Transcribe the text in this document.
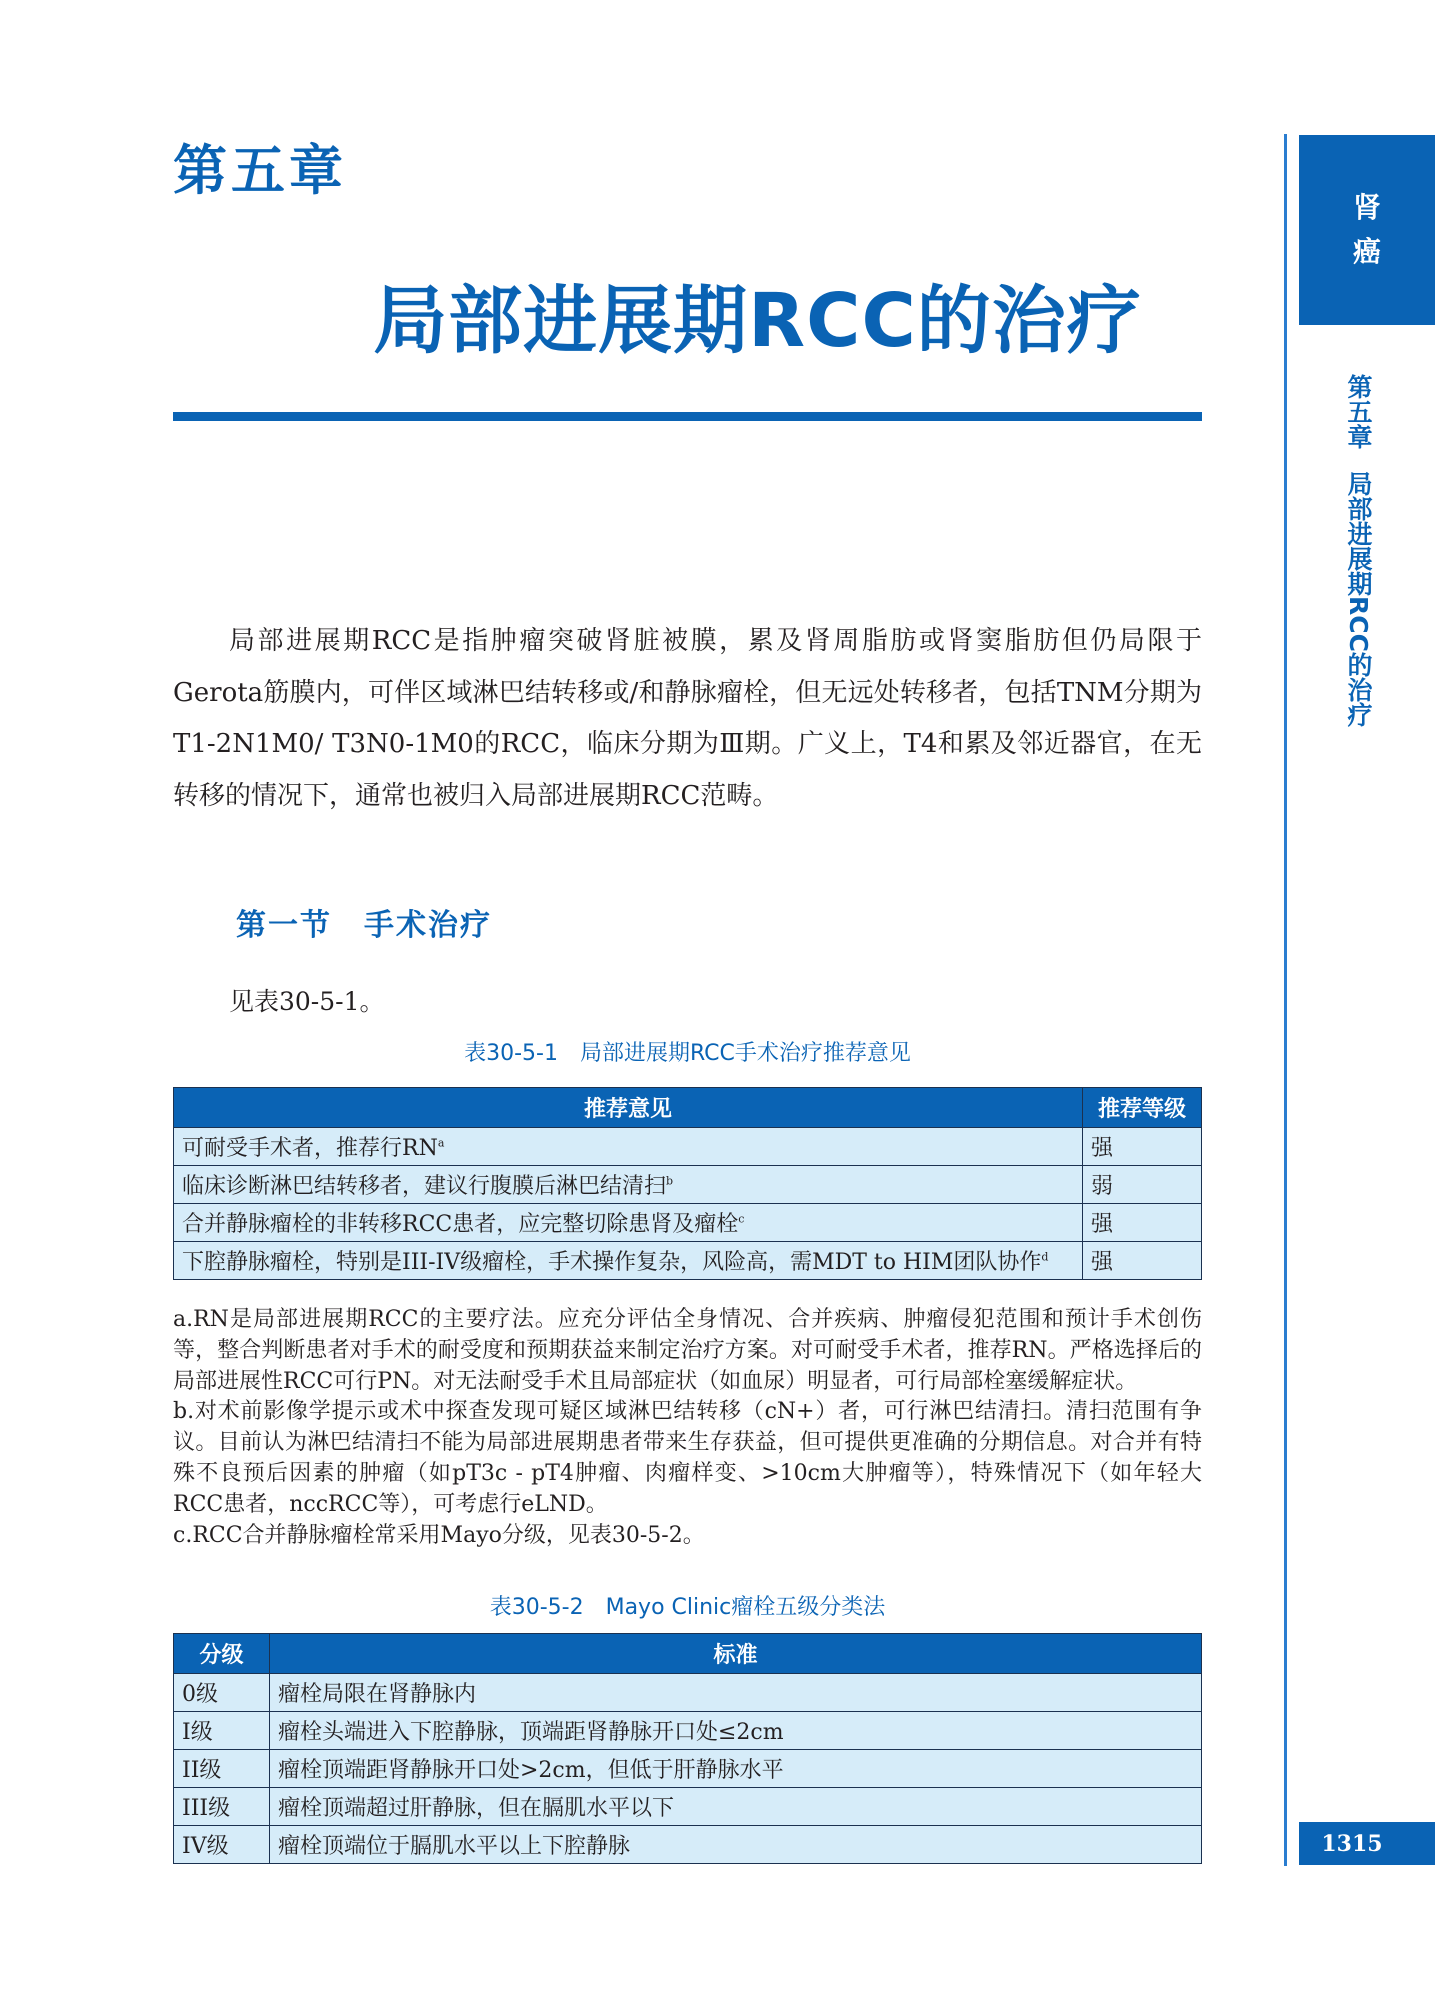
第五章
局部进展期RCC的治疗
肾
癌
第五章局部进展期RCC的治疗
1315
局部进展期RCC是指肿瘤突破肾脏被膜，累及肾周脂肪或肾窦脂肪但仍局限于Gerota筋膜内，可伴区域淋巴结转移或/和静脉瘤栓，但无远处转移者，包括TNM分期为T1-2N1M0/ T3N0-1M0的RCC，临床分期为Ⅲ期。广义上，T4和累及邻近器官，在无转移的情况下，通常也被归入局部进展期RCC范畴。
第一节　手术治疗
见表30-5-1。
表30-5-1　局部进展期RCC手术治疗推荐意见
推荐意见	推荐等级
可耐受手术者，推荐行$RN^a$	强
临床诊断淋巴结转移者，建议行腹膜后淋巴结清扫$^b$	弱
合并静脉瘤栓的非转移RCC患者，应完整切除患肾及瘤栓$^c$	强
下腔静脉瘤栓，特别是III-IV级瘤栓，手术操作复杂，风险高，需MDT to HIM团队协作$^d$	强

a.RN是局部进展期RCC的主要疗法。应充分评估全身情况、合并疾病、肿瘤侵犯范围和预计手术创伤等，整合判断患者对手术的耐受度和预期获益来制定治疗方案。对可耐受手术者，推荐RN。严格选择后的局部进展性RCC可行PN。对无法耐受手术且局部症状（如血尿）明显者，可行局部栓塞缓解症状。

b.对术前影像学提示或术中探查发现可疑区域淋巴结转移（cN+）者，可行淋巴结清扫。清扫范围有争议。目前认为淋巴结清扫不能为局部进展期患者带来生存获益，但可提供更准确的分期信息。对合并有特殊不良预后因素的肿瘤（如pT3c - pT4肿瘤、肉瘤样变、>10cm大肿瘤等），特殊情况下（如年轻大RCC患者，nccRCC等），可考虑行eLND。

c.RCC合并静脉瘤栓常采用Mayo分级，见表30-5-2。

表30-5-2　Mayo Clinic瘤栓五级分类法
分级	标准
0级	瘤栓局限在肾静脉内
I级	瘤栓头端进入下腔静脉，顶端距肾静脉开口处≤2cm
II级	瘤栓顶端距肾静脉开口处>2cm，但低于肝静脉水平
III级	瘤栓顶端超过肝静脉，但在膈肌水平以下
IV级	瘤栓顶端位于膈肌水平以上下腔静脉
